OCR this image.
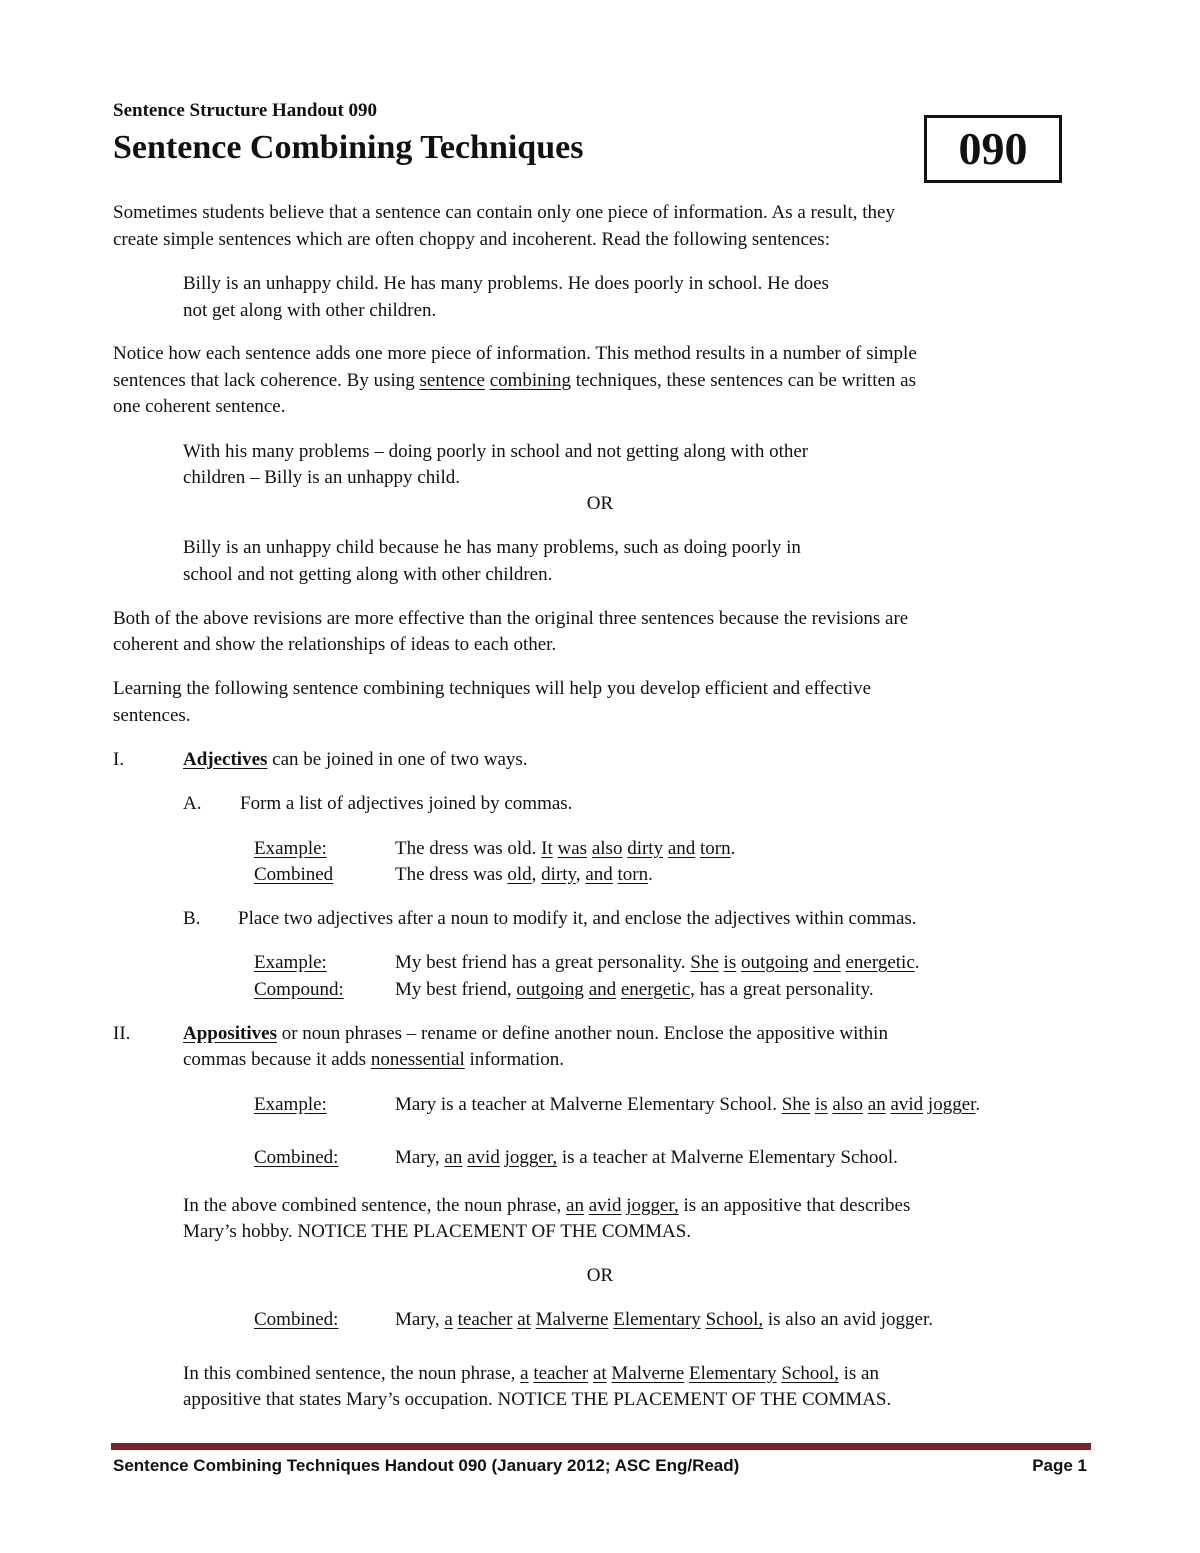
Sentence Structure Handout 090

Sentence Combining Techniques	090

Sometimes students believe that a sentence can contain only one piece of information. As a result, they

create simple sentences which are often choppy and incoherent. Read the following sentences:

Billy is an unhappy child. He has many problems. He does poorly in school. He does

not get along with other children.

Notice how each sentence adds one more piece of information. This method results in a number of simple

sentences that lack coherence. By using sentence combining techniques, these sentences can be written as

one coherent sentence.

With his many problems – doing poorly in school and not getting along with other

children – Billy is an unhappy child.

OR

Billy is an unhappy child because he has many problems, such as doing poorly in

school and not getting along with other children.

Both of the above revisions are more effective than the original three sentences because the revisions are

coherent and show the relationships of ideas to each other.

Learning the following sentence combining techniques will help you develop efficient and effective

sentences.

I.	Adjectives can be joined in one of two ways.

A. Form a list of adjectives joined by commas.

Example:	The dress was old. It was also dirty and torn.

Combined	The dress was old, dirty, and torn.

B. Place two adjectives after a noun to modify it, and enclose the adjectives within commas.

Example:	My best friend has a great personality. She is outgoing and energetic.

Compound:	My best friend, outgoing and energetic, has a great personality.

II.	Appositives or noun phrases – rename or define another noun. Enclose the appositive within

commas because it adds nonessential information.

Example:	Mary is a teacher at Malverne Elementary School. She is also an avid jogger.

Combined:	Mary, an avid jogger, is a teacher at Malverne Elementary School.

In the above combined sentence, the noun phrase, an avid jogger, is an appositive that describes

Mary’s hobby. NOTICE THE PLACEMENT OF THE COMMAS.

OR

Combined:	Mary, a teacher at Malverne Elementary School, is also an avid jogger.

In this combined sentence, the noun phrase, a teacher at Malverne Elementary School, is an

appositive that states Mary’s occupation. NOTICE THE PLACEMENT OF THE COMMAS.

Sentence Combining Techniques Handout 090 (January 2012; ASC Eng/Read)	Page 1
